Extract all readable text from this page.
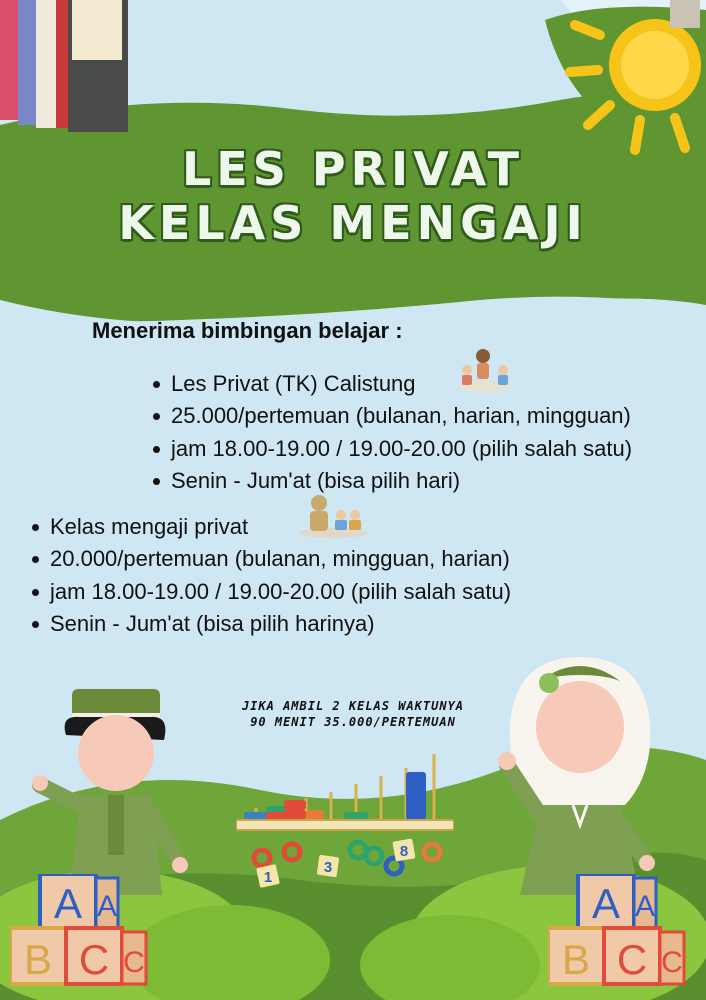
LES PRIVAT
KELAS MENGAJI
Menerima bimbingan belajar :
Les Privat (TK) Calistung
25.000/pertemuan (bulanan, harian, mingguan)
jam 18.00-19.00 / 19.00-20.00 (pilih salah satu)
Senin - Jum'at (bisa pilih hari)
Kelas mengaji privat
20.000/pertemuan (bulanan, mingguan, harian)
jam 18.00-19.00 / 19.00-20.00 (pilih salah satu)
Senin - Jum'at (bisa pilih harinya)
JIKA AMBIL 2 KELAS WAKTUNYA
90 MENIT 35.000/PERTEMUAN
1
3
8
A A
B C C
A A
B C C
